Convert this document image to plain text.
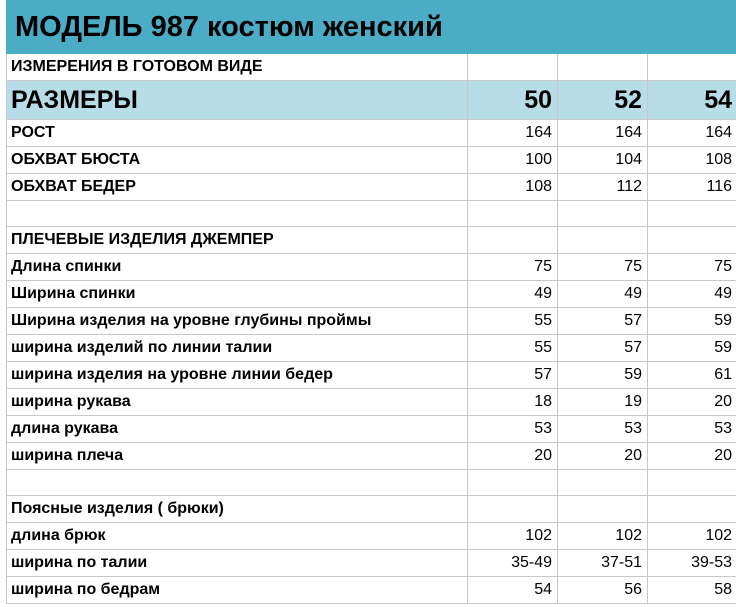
МОДЕЛЬ 987 костюм женский			
ИЗМЕРЕНИЯ В ГОТОВОМ ВИДЕ			
РАЗМЕРЫ	50	52	54
РОСТ	164	164	164
ОБХВАТ БЮСТА	100	104	108
ОБХВАТ БЕДЕР	108	112	116

ПЛЕЧЕВЫЕ ИЗДЕЛИЯ ДЖЕМПЕР			
Длина спинки	75	75	75
Ширина спинки	49	49	49
Ширина изделия на уровне глубины проймы	55	57	59
ширина изделий по линии талии	55	57	59
ширина изделия на уровне линии бедер	57	59	61
ширина рукава	18	19	20
длина рукава	53	53	53
ширина плеча	20	20	20

Поясные изделия ( брюки)			
длина брюк	102	102	102
ширина по талии	35-49	37-51	39-53
ширина по бедрам	54	56	58
